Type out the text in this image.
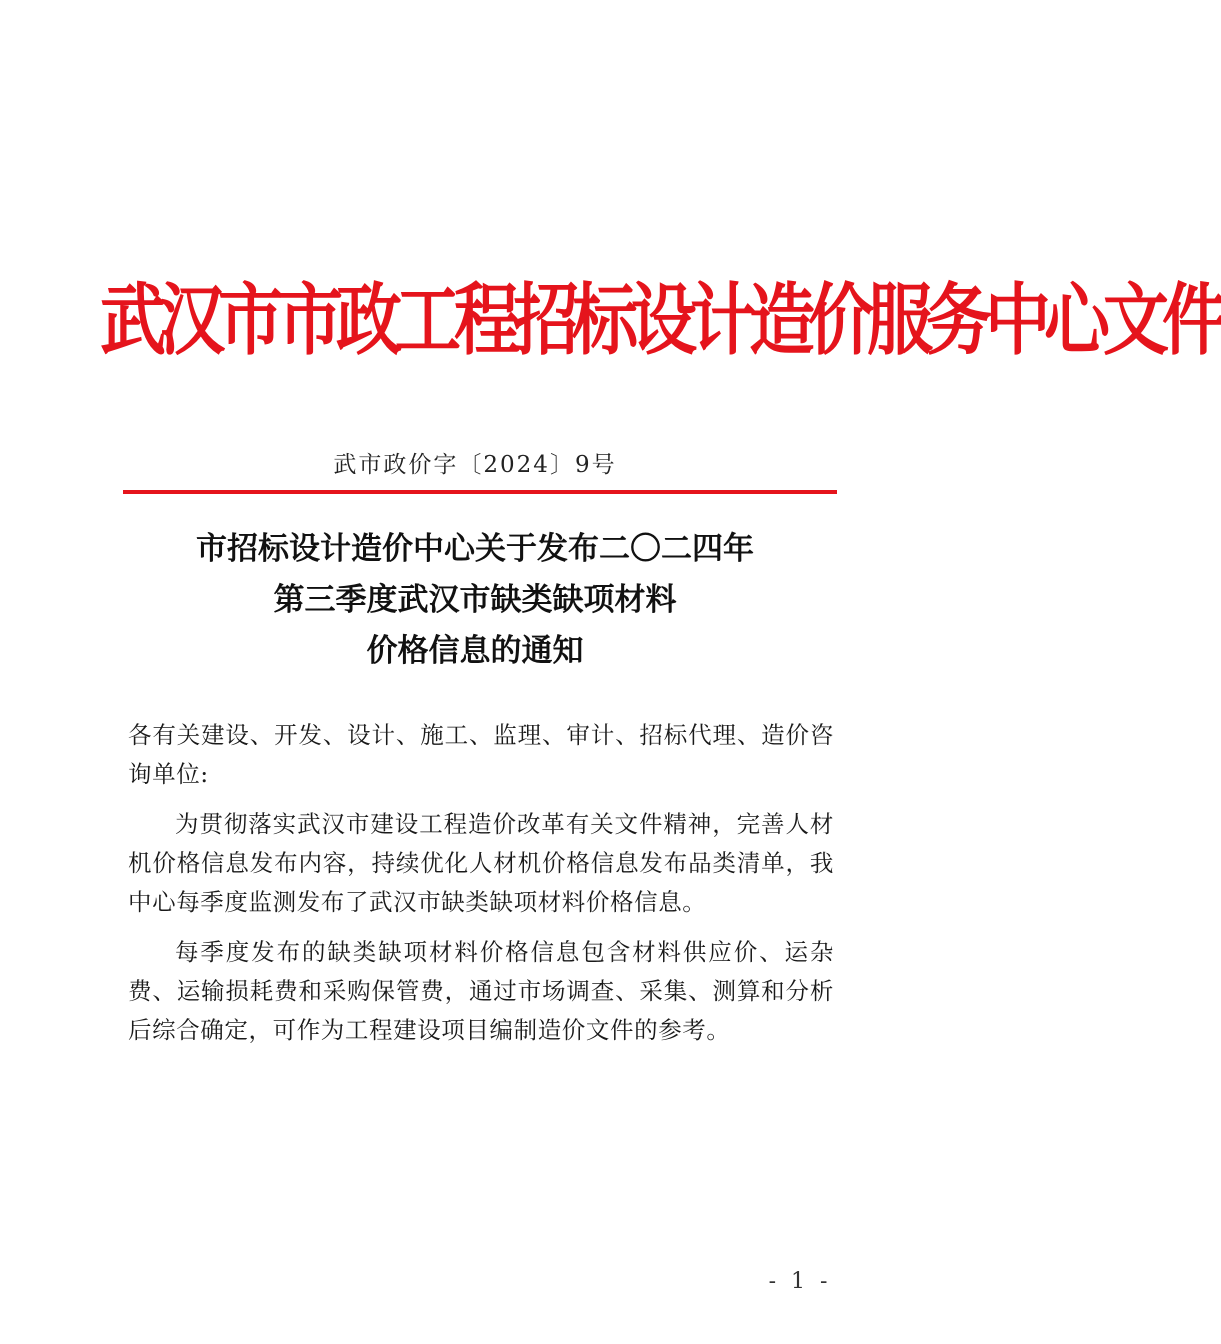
武汉市市政工程招标设计造价服务中心文件
武市政价字〔2024〕9号
市招标设计造价中心关于发布二〇二四年
第三季度武汉市缺类缺项材料
价格信息的通知

各有关建设、开发、设计、施工、监理、审计、招标代理、造价咨询单位:

为贯彻落实武汉市建设工程造价改革有关文件精神，完善人材机价格信息发布内容，持续优化人材机价格信息发布品类清单，我中心每季度监测发布了武汉市缺类缺项材料价格信息。

每季度发布的缺类缺项材料价格信息包含材料供应价、运杂费、运输损耗费和采购保管费，通过市场调查、采集、测算和分析后综合确定，可作为工程建设项目编制造价文件的参考。

- 1 -
